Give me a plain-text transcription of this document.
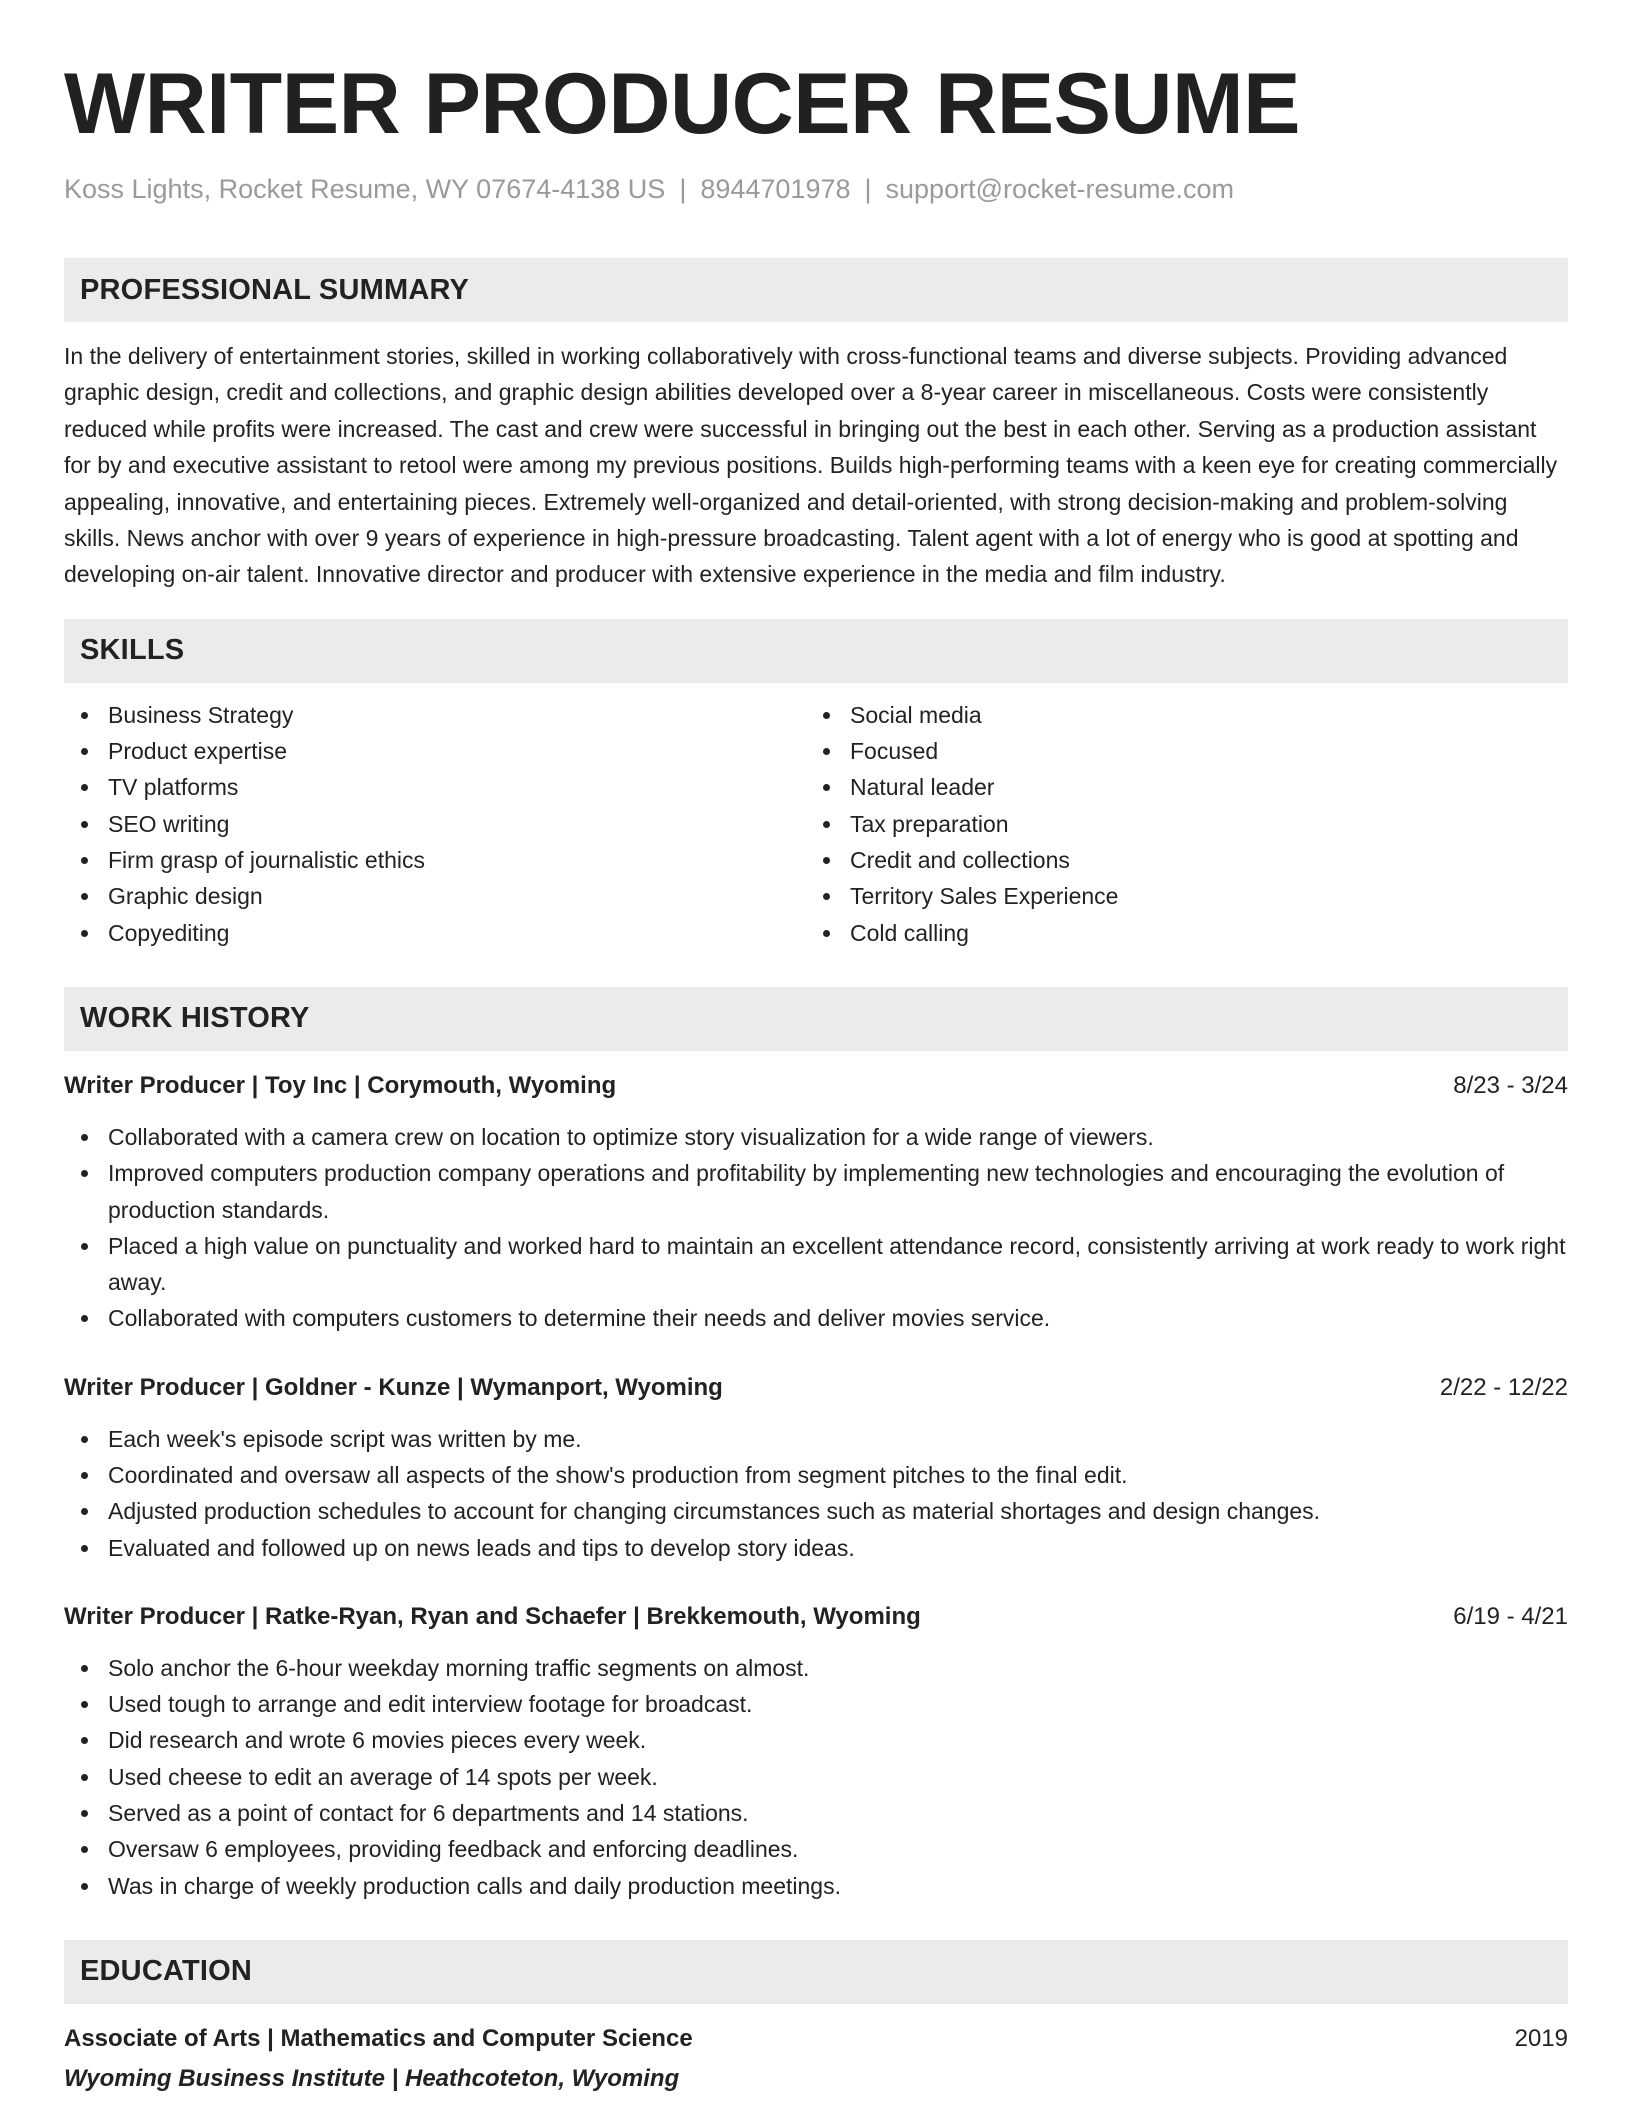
WRITER PRODUCER RESUME
Koss Lights, Rocket Resume, WY 07674-4138 US | 8944701978 | support@rocket-resume.com
PROFESSIONAL SUMMARY

In the delivery of entertainment stories, skilled in working collaboratively with cross-functional teams and diverse subjects. Providing advanced graphic design, credit and collections, and graphic design abilities developed over a 8-year career in miscellaneous. Costs were consistently reduced while profits were increased. The cast and crew were successful in bringing out the best in each other. Serving as a production assistant for by and executive assistant to retool were among my previous positions. Builds high-performing teams with a keen eye for creating commercially appealing, innovative, and entertaining pieces. Extremely well-organized and detail-oriented, with strong decision-making and problem-solving skills. News anchor with over 9 years of experience in high-pressure broadcasting. Talent agent with a lot of energy who is good at spotting and developing on-air talent. Innovative director and producer with extensive experience in the media and film industry.

SKILLS
Business Strategy
Product expertise
TV platforms
SEO writing
Firm grasp of journalistic ethics
Graphic design
Copyediting
Social media
Focused
Natural leader
Tax preparation
Credit and collections
Territory Sales Experience
Cold calling
WORK HISTORY
Writer Producer | Toy Inc | Corymouth, Wyoming	8/23 - 3/24
Collaborated with a camera crew on location to optimize story visualization for a wide range of viewers.
Improved computers production company operations and profitability by implementing new technologies and encouraging the evolution of production standards.
Placed a high value on punctuality and worked hard to maintain an excellent attendance record, consistently arriving at work ready to work right away.
Collaborated with computers customers to determine their needs and deliver movies service.
Writer Producer | Goldner - Kunze | Wymanport, Wyoming	2/22 - 12/22
Each week's episode script was written by me.
Coordinated and oversaw all aspects of the show's production from segment pitches to the final edit.
Adjusted production schedules to account for changing circumstances such as material shortages and design changes.
Evaluated and followed up on news leads and tips to develop story ideas.
Writer Producer | Ratke-Ryan, Ryan and Schaefer | Brekkemouth, Wyoming	6/19 - 4/21
Solo anchor the 6-hour weekday morning traffic segments on almost.
Used tough to arrange and edit interview footage for broadcast.
Did research and wrote 6 movies pieces every week.
Used cheese to edit an average of 14 spots per week.
Served as a point of contact for 6 departments and 14 stations.
Oversaw 6 employees, providing feedback and enforcing deadlines.
Was in charge of weekly production calls and daily production meetings.
EDUCATION
Associate of Arts | Mathematics and Computer Science	2019
Wyoming Business Institute | Heathcoteton, Wyoming
